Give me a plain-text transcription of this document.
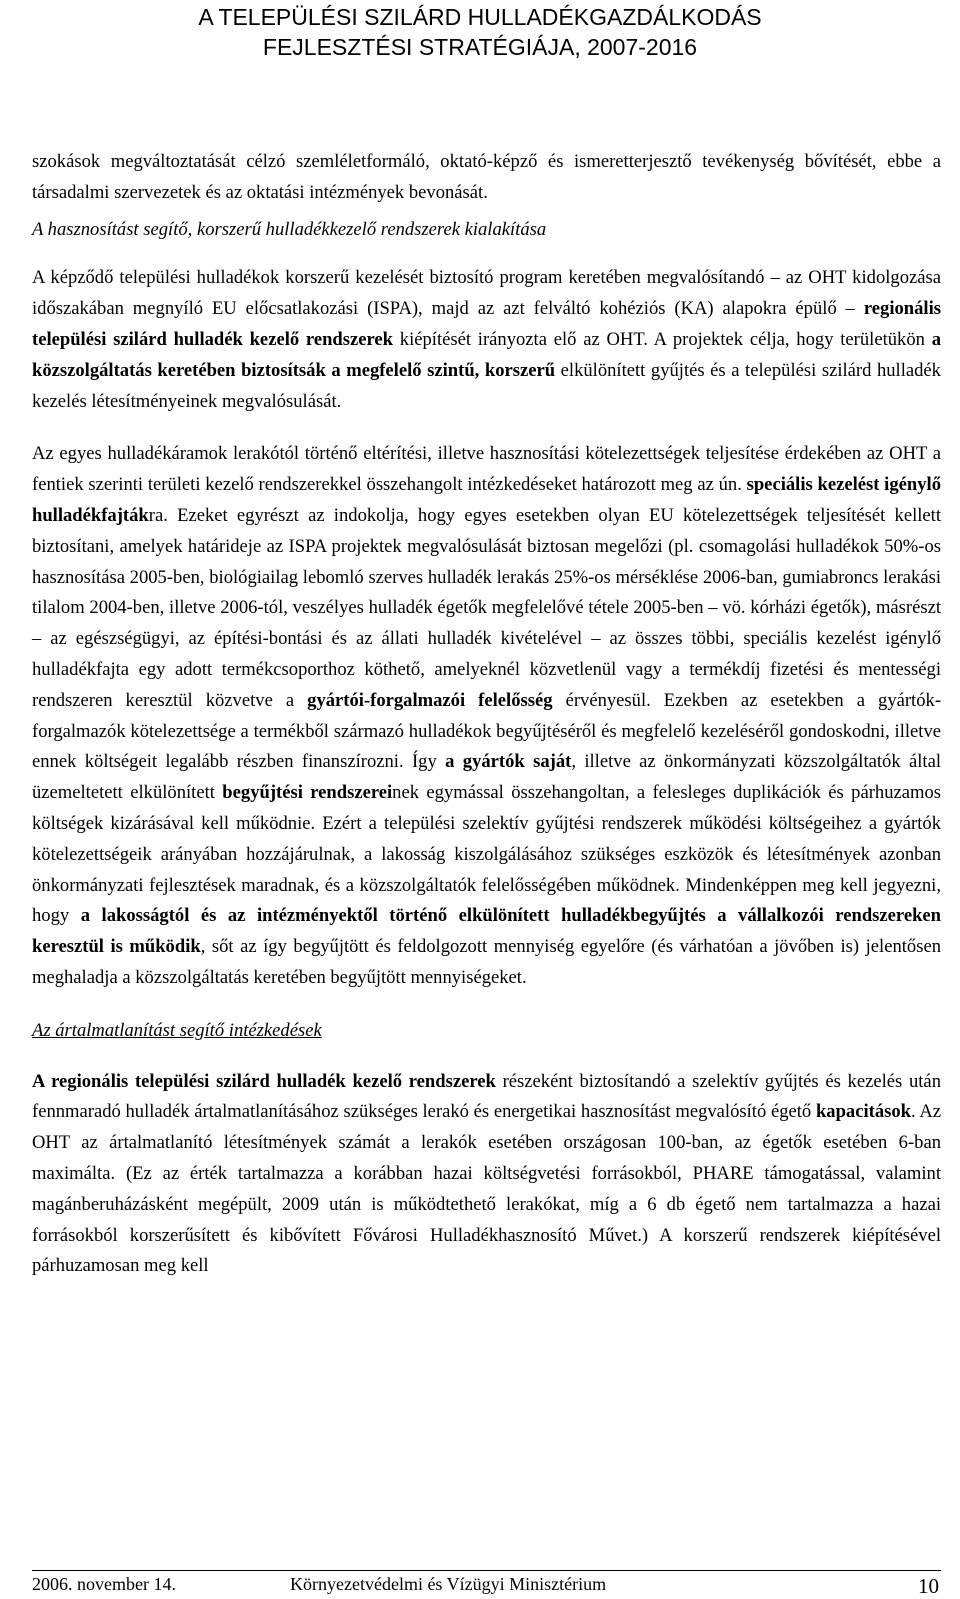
A TELEPÜLÉSI SZILÁRD HULLADÉKGAZDÁLKODÁS
FEJLESZTÉSI STRATÉGIÁJA, 2007-2016

szokások megváltoztatását célzó szemléletformáló, oktató-képző és ismeretterjesztő tevékenység bővítését, ebbe a társadalmi szervezetek és az oktatási intézmények bevonását.

A hasznosítást segítő, korszerű hulladékkezelő rendszerek kialakítása

A képződő települési hulladékok korszerű kezelését biztosító program keretében megvalósítandó – az OHT kidolgozása időszakában megnyíló EU előcsatlakozási (ISPA), majd az azt felváltó kohéziós (KA) alapokra épülő – regionális települési szilárd hulladék kezelő rendszerek kiépítését irányozta elő az OHT. A projektek célja, hogy területükön a közszolgáltatás keretében biztosítsák a megfelelő szintű, korszerű elkülönített gyűjtés és a települési szilárd hulladék kezelés létesítményeinek megvalósulását.

Az egyes hulladékáramok lerakótól történő eltérítési, illetve hasznosítási kötelezettségek teljesítése érdekében az OHT a fentiek szerinti területi kezelő rendszerekkel összehangolt intézkedéseket határozott meg az ún. speciális kezelést igénylő hulladékfajtákra. Ezeket egyrészt az indokolja, hogy egyes esetekben olyan EU kötelezettségek teljesítését kellett biztosítani, amelyek határideje az ISPA projektek megvalósulását biztosan megelőzi (pl. csomagolási hulladékok 50%-os hasznosítása 2005-ben, biológiailag lebomló szerves hulladék lerakás 25%-os mérséklése 2006-ban, gumiabroncs lerakási tilalom 2004-ben, illetve 2006-tól, veszélyes hulladék égetők megfelelővé tétele 2005-ben – vö. kórházi égetők), másrészt – az egészségügyi, az építési-bontási és az állati hulladék kivételével – az összes többi, speciális kezelést igénylő hulladékfajta egy adott termékcsoporthoz köthető, amelyeknél közvetlenül vagy a termékdíj fizetési és mentességi rendszeren keresztül közvetve a gyártói-forgalmazói felelősség érvényesül. Ezekben az esetekben a gyártók-forgalmazók kötelezettsége a termékből származó hulladékok begyűjtéséről és megfelelő kezeléséről gondoskodni, illetve ennek költségeit legalább részben finanszírozni. Így a gyártók saját, illetve az önkormányzati közszolgáltatók által üzemeltetett elkülönített begyűjtési rendszereinek egymással összehangoltan, a felesleges duplikációk és párhuzamos költségek kizárásával kell működnie. Ezért a települési szelektív gyűjtési rendszerek működési költségeihez a gyártók kötelezettségeik arányában hozzájárulnak, a lakosság kiszolgálásához szükséges eszközök és létesítmények azonban önkormányzati fejlesztések maradnak, és a közszolgáltatók felelősségében működnek. Mindenképpen meg kell jegyezni, hogy a lakosságtól és az intézményektől történő elkülönített hulladékbegyűjtés a vállalkozói rendszereken keresztül is működik, sőt az így begyűjtött és feldolgozott mennyiség egyelőre (és várhatóan a jövőben is) jelentősen meghaladja a közszolgáltatás keretében begyűjtött mennyiségeket.

Az ártalmatlanítást segítő intézkedések

A regionális települési szilárd hulladék kezelő rendszerek részeként biztosítandó a szelektív gyűjtés és kezelés után fennmaradó hulladék ártalmatlanításához szükséges lerakó és energetikai hasznosítást megvalósító égető kapacitások. Az OHT az ártalmatlanító létesítmények számát a lerakók esetében országosan 100-ban, az égetők esetében 6-ban maximálta. (Ez az érték tartalmazza a korábban hazai költségvetési forrásokból, PHARE támogatással, valamint magánberuházásként megépült, 2009 után is működtethető lerakókat, míg a 6 db égető nem tartalmazza a hazai forrásokból korszerűsített és kibővített Fővárosi Hulladékhasznosító Művet.) A korszerű rendszerek kiépítésével párhuzamosan meg kell

2006. november 14.	Környezetvédelmi és Vízügyi Minisztérium	10
